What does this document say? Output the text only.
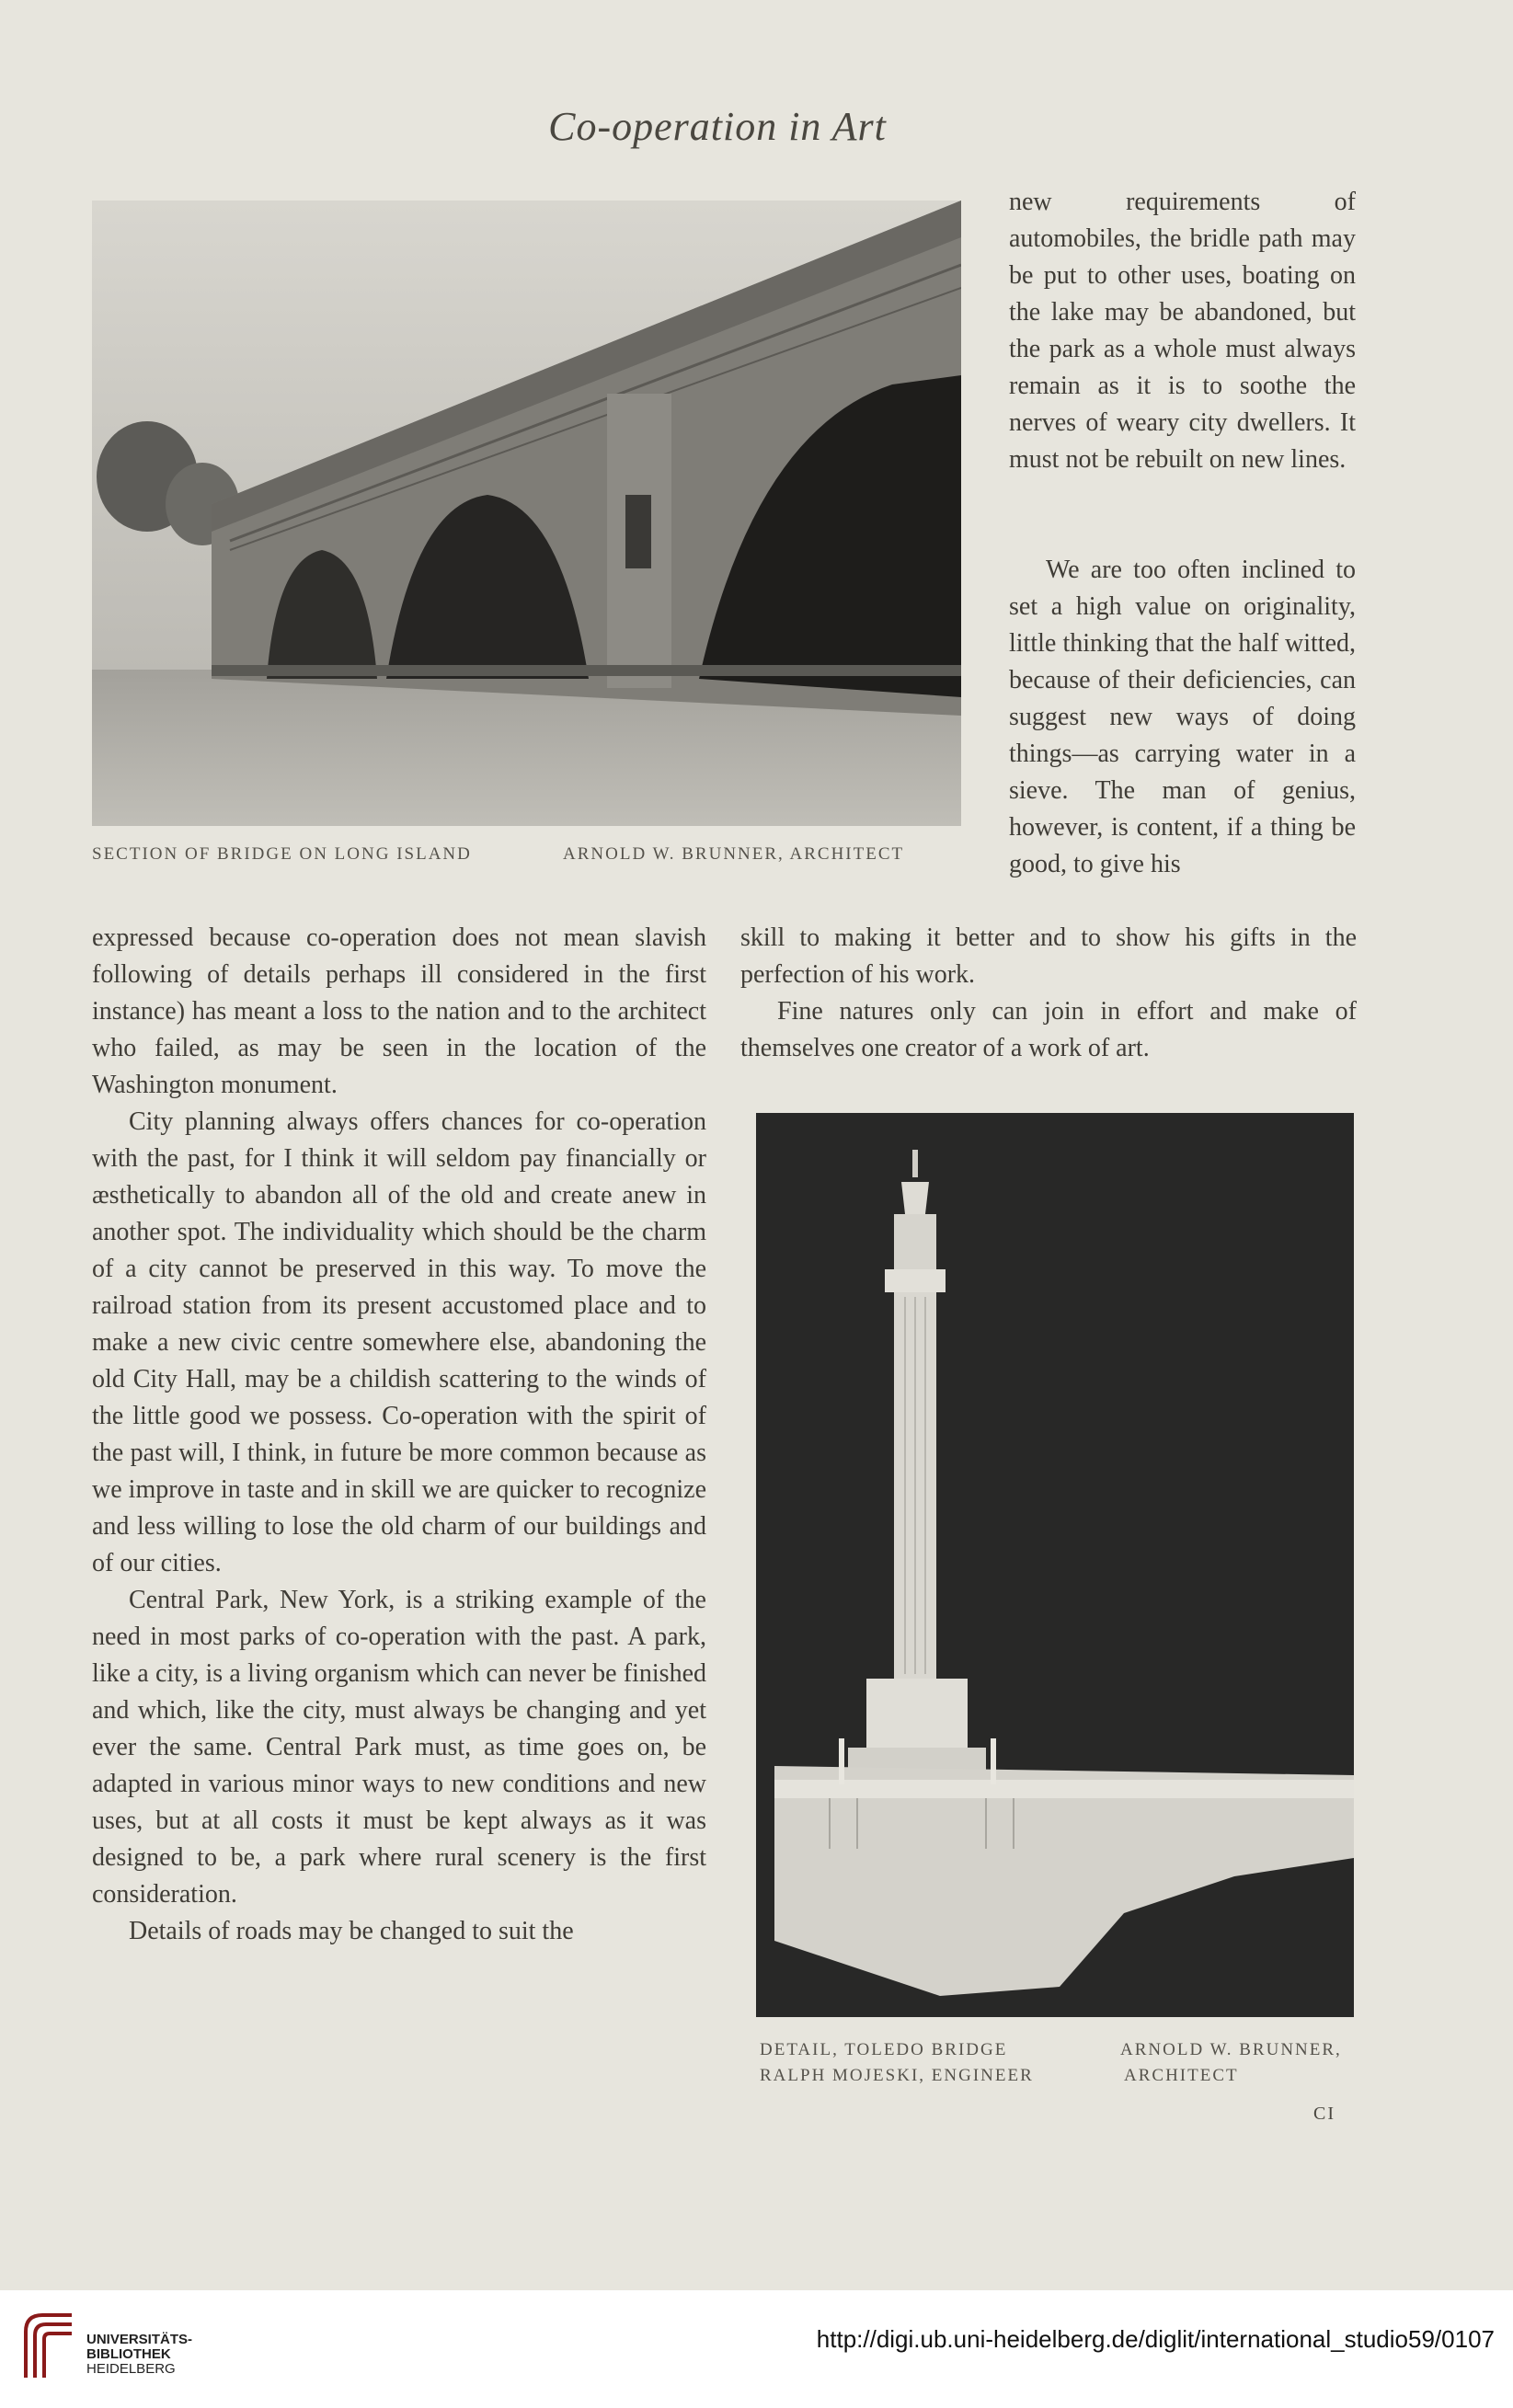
Co-operation in Art
SECTION OF BRIDGE ON LONG ISLAND	ARNOLD W. BRUNNER, ARCHITECT

new requirements of automobiles, the bridle path may be put to other uses, boating on the lake may be abandoned, but the park as a whole must always remain as it is to soothe the nerves of weary city dwellers. It must not be rebuilt on new lines.

We are too often inclined to set a high value on originality, little thinking that the half witted, because of their deficiencies, can suggest new ways of doing things—as carrying water in a sieve. The man of genius, however, is content, if a thing be good, to give his

expressed because co-operation does not mean slavish following of details perhaps ill considered in the first instance) has meant a loss to the nation and to the architect who failed, as may be seen in the location of the Washington monument.

City planning always offers chances for co-operation with the past, for I think it will seldom pay financially or æsthetically to abandon all of the old and create anew in another spot. The individuality which should be the charm of a city cannot be preserved in this way. To move the railroad station from its present accustomed place and to make a new civic centre somewhere else, abandoning the old City Hall, may be a childish scattering to the winds of the little good we possess. Co-operation with the spirit of the past will, I think, in future be more common because as we improve in taste and in skill we are quicker to recognize and less willing to lose the old charm of our buildings and of our cities.

Central Park, New York, is a striking example of the need in most parks of co-operation with the past. A park, like a city, is a living organism which can never be finished and which, like the city, must always be changing and yet ever the same. Central Park must, as time goes on, be adapted in various minor ways to new conditions and new uses, but at all costs it must be kept always as it was designed to be, a park where rural scenery is the first consideration.

Details of roads may be changed to suit the

skill to making it better and to show his gifts in the perfection of his work.

Fine natures only can join in effort and make of themselves one creator of a work of art.

DETAIL, TOLEDO BRIDGE
RALPH MOJESKI, ENGINEER
ARNOLD W. BRUNNER,
ARCHITECT
CI
UNIVERSITÄTS-
BIBLIOTHEK
HEIDELBERG
http://digi.ub.uni-heidelberg.de/diglit/international_studio59/0107
